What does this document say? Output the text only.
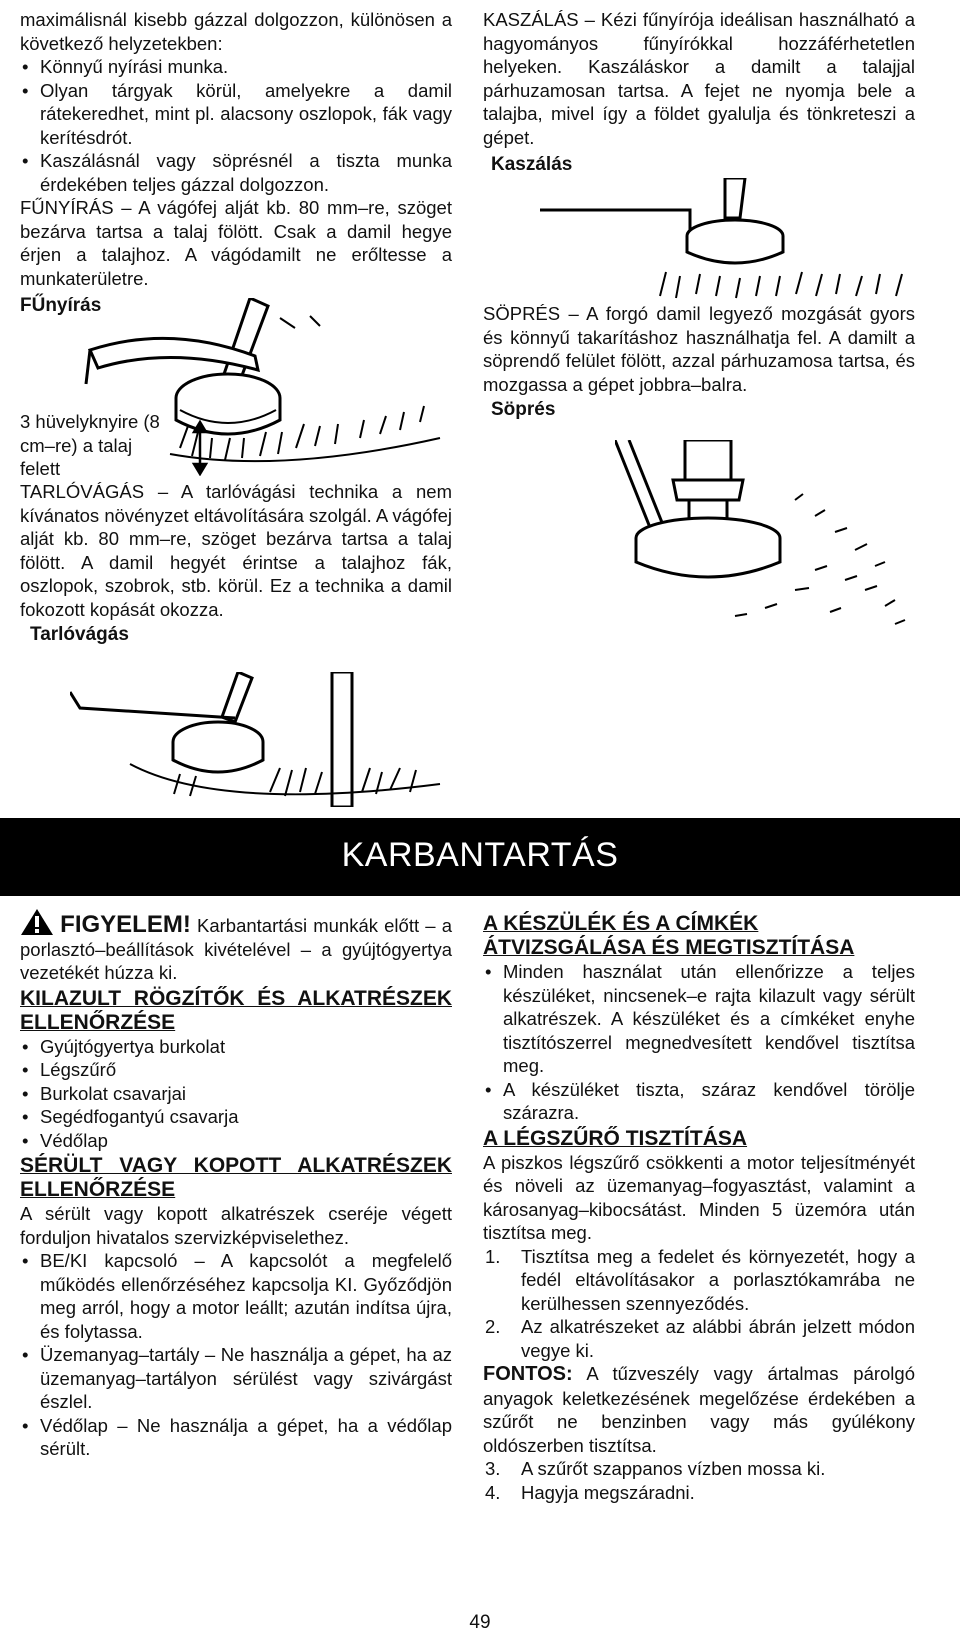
maximálisnál kisebb gázzal dolgozzon, különösen a következő helyzetekben:

• Könnyű nyírási munka.
• Olyan tárgyak körül, amelyekre a damil rátekeredhet, mint pl. alacsony oszlopok, fák vagy kerítésdrót.
• Kaszálásnál vagy söprésnél a tiszta munka érdekében teljes gázzal dolgozzon.

FŰNYÍRÁS – A vágófej alját kb. 80 mm–re, szöget bezárva tartsa a talaj fölött. Csak a damil hegye érjen a talajhoz. A vágódamilt ne erőltesse a munkaterületre.

FŰnyírás

3 hüvelyknyire (8 cm–re) a talaj felett

TARLÓVÁGÁS – A tarlóvágási technika a nem kívánatos növényzet eltávolítására szolgál. A vágófej alját kb. 80 mm–re, szöget bezárva tartsa a talaj fölött. A damil hegyét érintse a talajhoz fák, oszlopok, szobrok, stb. körül. Ez a technika a damil fokozott kopását okozza.

Tarlóvágás

KASZÁLÁS – Kézi fűnyírója ideálisan használható a hagyományos fűnyírókkal hozzáférhetetlen helyeken. Kaszáláskor a damilt a talajjal párhuzamosan tartsa. A fejet ne nyomja bele a talajba, mivel így a földet gyalulja és tönkreteszi a gépet.

Kaszálás

SÖPRÉS – A forgó damil legyező mozgását gyors és könnyű takarításhoz használhatja fel. A damilt a söprendő felület fölött, azzal párhuzamosa tartsa, és mozgassa a gépet jobbra–balra.

Söprés

KARBANTARTÁS

FIGYELEM! Karbantartási munkák előtt – a porlasztó–beállítások kivételével – a gyújtógyertya vezetékét húzza ki.

KILAZULT RÖGZÍTŐK ÉS ALKATRÉSZEK ELLENŐRZÉSE
• Gyújtógyertya burkolat
• Légszűrő
• Burkolat csavarjai
• Segédfogantyú csavarja
• Védőlap
SÉRÜLT VAGY KOPOTT ALKATRÉSZEK ELLENŐRZÉSE

A sérült vagy kopott alkatrészek cseréje végett forduljon hivatalos szervizképviselethez.

• BE/KI kapcsoló – A kapcsolót a megfelelő működés ellenőrzéséhez kapcsolja KI. Győződjön meg arról, hogy a motor leállt; azután indítsa újra, és folytassa.
• Üzemanyag–tartály – Ne használja a gépet, ha az üzemanyag–tartályon sérülést vagy szivárgást észlel.
• Védőlap – Ne használja a gépet, ha a védőlap sérült.
A KÉSZÜLÉK ÉS A CÍMKÉK ÁTVIZSGÁLÁSA ÉS MEGTISZTÍTÁSA
• Minden használat után ellenőrizze a teljes készüléket, nincsenek–e rajta kilazult vagy sérült alkatrészek. A készüléket és a címkéket enyhe tisztítószerrel megnedvesített kendővel tisztítsa meg.
• A készüléket tiszta, száraz kendővel törölje szárazra.
A LÉGSZŰRŐ TISZTÍTÁSA

A piszkos légszűrő csökkenti a motor teljesítményét és növeli az üzemanyag–fogyasztást, valamint a károsanyag–kibocsátást. Minden 5 üzemóra után tisztítsa meg.

1. Tisztítsa meg a fedelet és környezetét, hogy a fedél eltávolításakor a porlasztókamrába ne kerülhessen szennyeződés.
2. Az alkatrészeket az alábbi ábrán jelzett módon vegye ki.

FONTOS: A tűzveszély vagy ártalmas párolgó anyagok keletkezésének megelőzése érdekében a szűrőt ne benzinben vagy más gyúlékony oldószerben tisztítsa.

3. A szűrőt szappanos vízben mossa ki.
4. Hagyja megszáradni.
49
